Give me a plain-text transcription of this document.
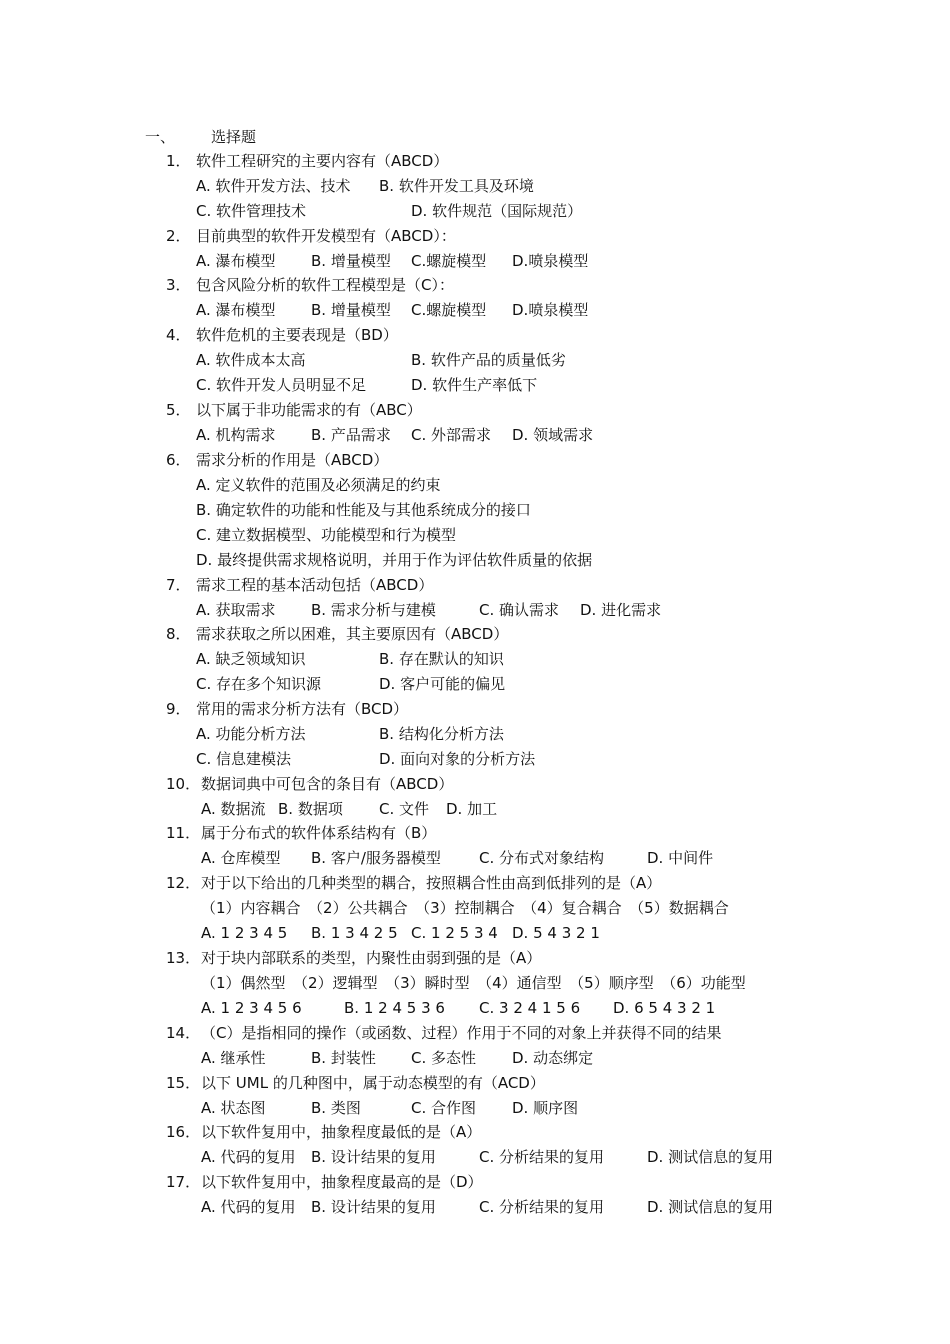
一、 选择题
1． 软件工程研究的主要内容有（ABCD）
A. 软件开发方法、技术 B. 软件开发工具及环境
C. 软件管理技术	D. 软件规范（国际规范）
2． 目前典型的软件开发模型有（ABCD）：
A. 瀑布模型 B. 增量模型 C.螺旋模型 D.喷泉模型
3． 包含风险分析的软件工程模型是（C）：
A. 瀑布模型 B. 增量模型 C.螺旋模型 D.喷泉模型
4． 软件危机的主要表现是（BD）
A. 软件成本太高	B. 软件产品的质量低劣
C. 软件开发人员明显不足	D. 软件生产率低下
5． 以下属于非功能需求的有（ABC）
A. 机构需求 B. 产品需求 C. 外部需求 D. 领域需求
6． 需求分析的作用是（ABCD）
A. 定义软件的范围及必须满足的约束
B. 确定软件的功能和性能及与其他系统成分的接口
C. 建立数据模型、功能模型和行为模型
D. 最终提供需求规格说明，并用于作为评估软件质量的依据
7． 需求工程的基本活动包括（ABCD）
A. 获取需求 B. 需求分析与建模	C. 确认需求 D. 进化需求
8． 需求获取之所以困难，其主要原因有（ABCD）
A. 缺乏领域知识	B. 存在默认的知识
C. 存在多个知识源	D. 客户可能的偏见
9． 常用的需求分析方法有（BCD）
A. 功能分析方法	B. 结构化分析方法
C. 信息建模法	D. 面向对象的分析方法
10．数据词典中可包含的条目有（ABCD）
A. 数据流 B. 数据项 C. 文件 D. 加工
11．属于分布式的软件体系结构有（B）
A. 仓库模型 B. 客户/服务器模型	C. 分布式对象结构	D. 中间件
12．对于以下给出的几种类型的耦合，按照耦合性由高到低排列的是（A）
（1）内容耦合　（2）公共耦合　（3）控制耦合　（4）复合耦合　（5）数据耦合
A. 1 2 3 4 5 B. 1 3 4 2 5 C. 1 2 5 3 4 D. 5 4 3 2 1
13．对于块内部联系的类型，内聚性由弱到强的是（A）
（1）偶然型　（2）逻辑型　（3）瞬时型　（4）通信型　（5）顺序型　（6）功能型
A. 1 2 3 4 5 6	B. 1 2 4 5 3 6 C. 3 2 4 1 5 6 D. 6 5 4 3 2 1
14．（C）是指相同的操作（或函数、过程）作用于不同的对象上并获得不同的结果
A. 继承性	B. 封装性 C. 多态性 D. 动态绑定
15．以下 UML 的几种图中，属于动态模型的有（ACD）
A. 状态图	B. 类图	C. 合作图 D. 顺序图
16．以下软件复用中，抽象程度最低的是（A）
A. 代码的复用 B. 设计结果的复用	C. 分析结果的复用	D. 测试信息的复用
17．以下软件复用中，抽象程度最高的是（D）
A. 代码的复用 B. 设计结果的复用	C. 分析结果的复用	D. 测试信息的复用
